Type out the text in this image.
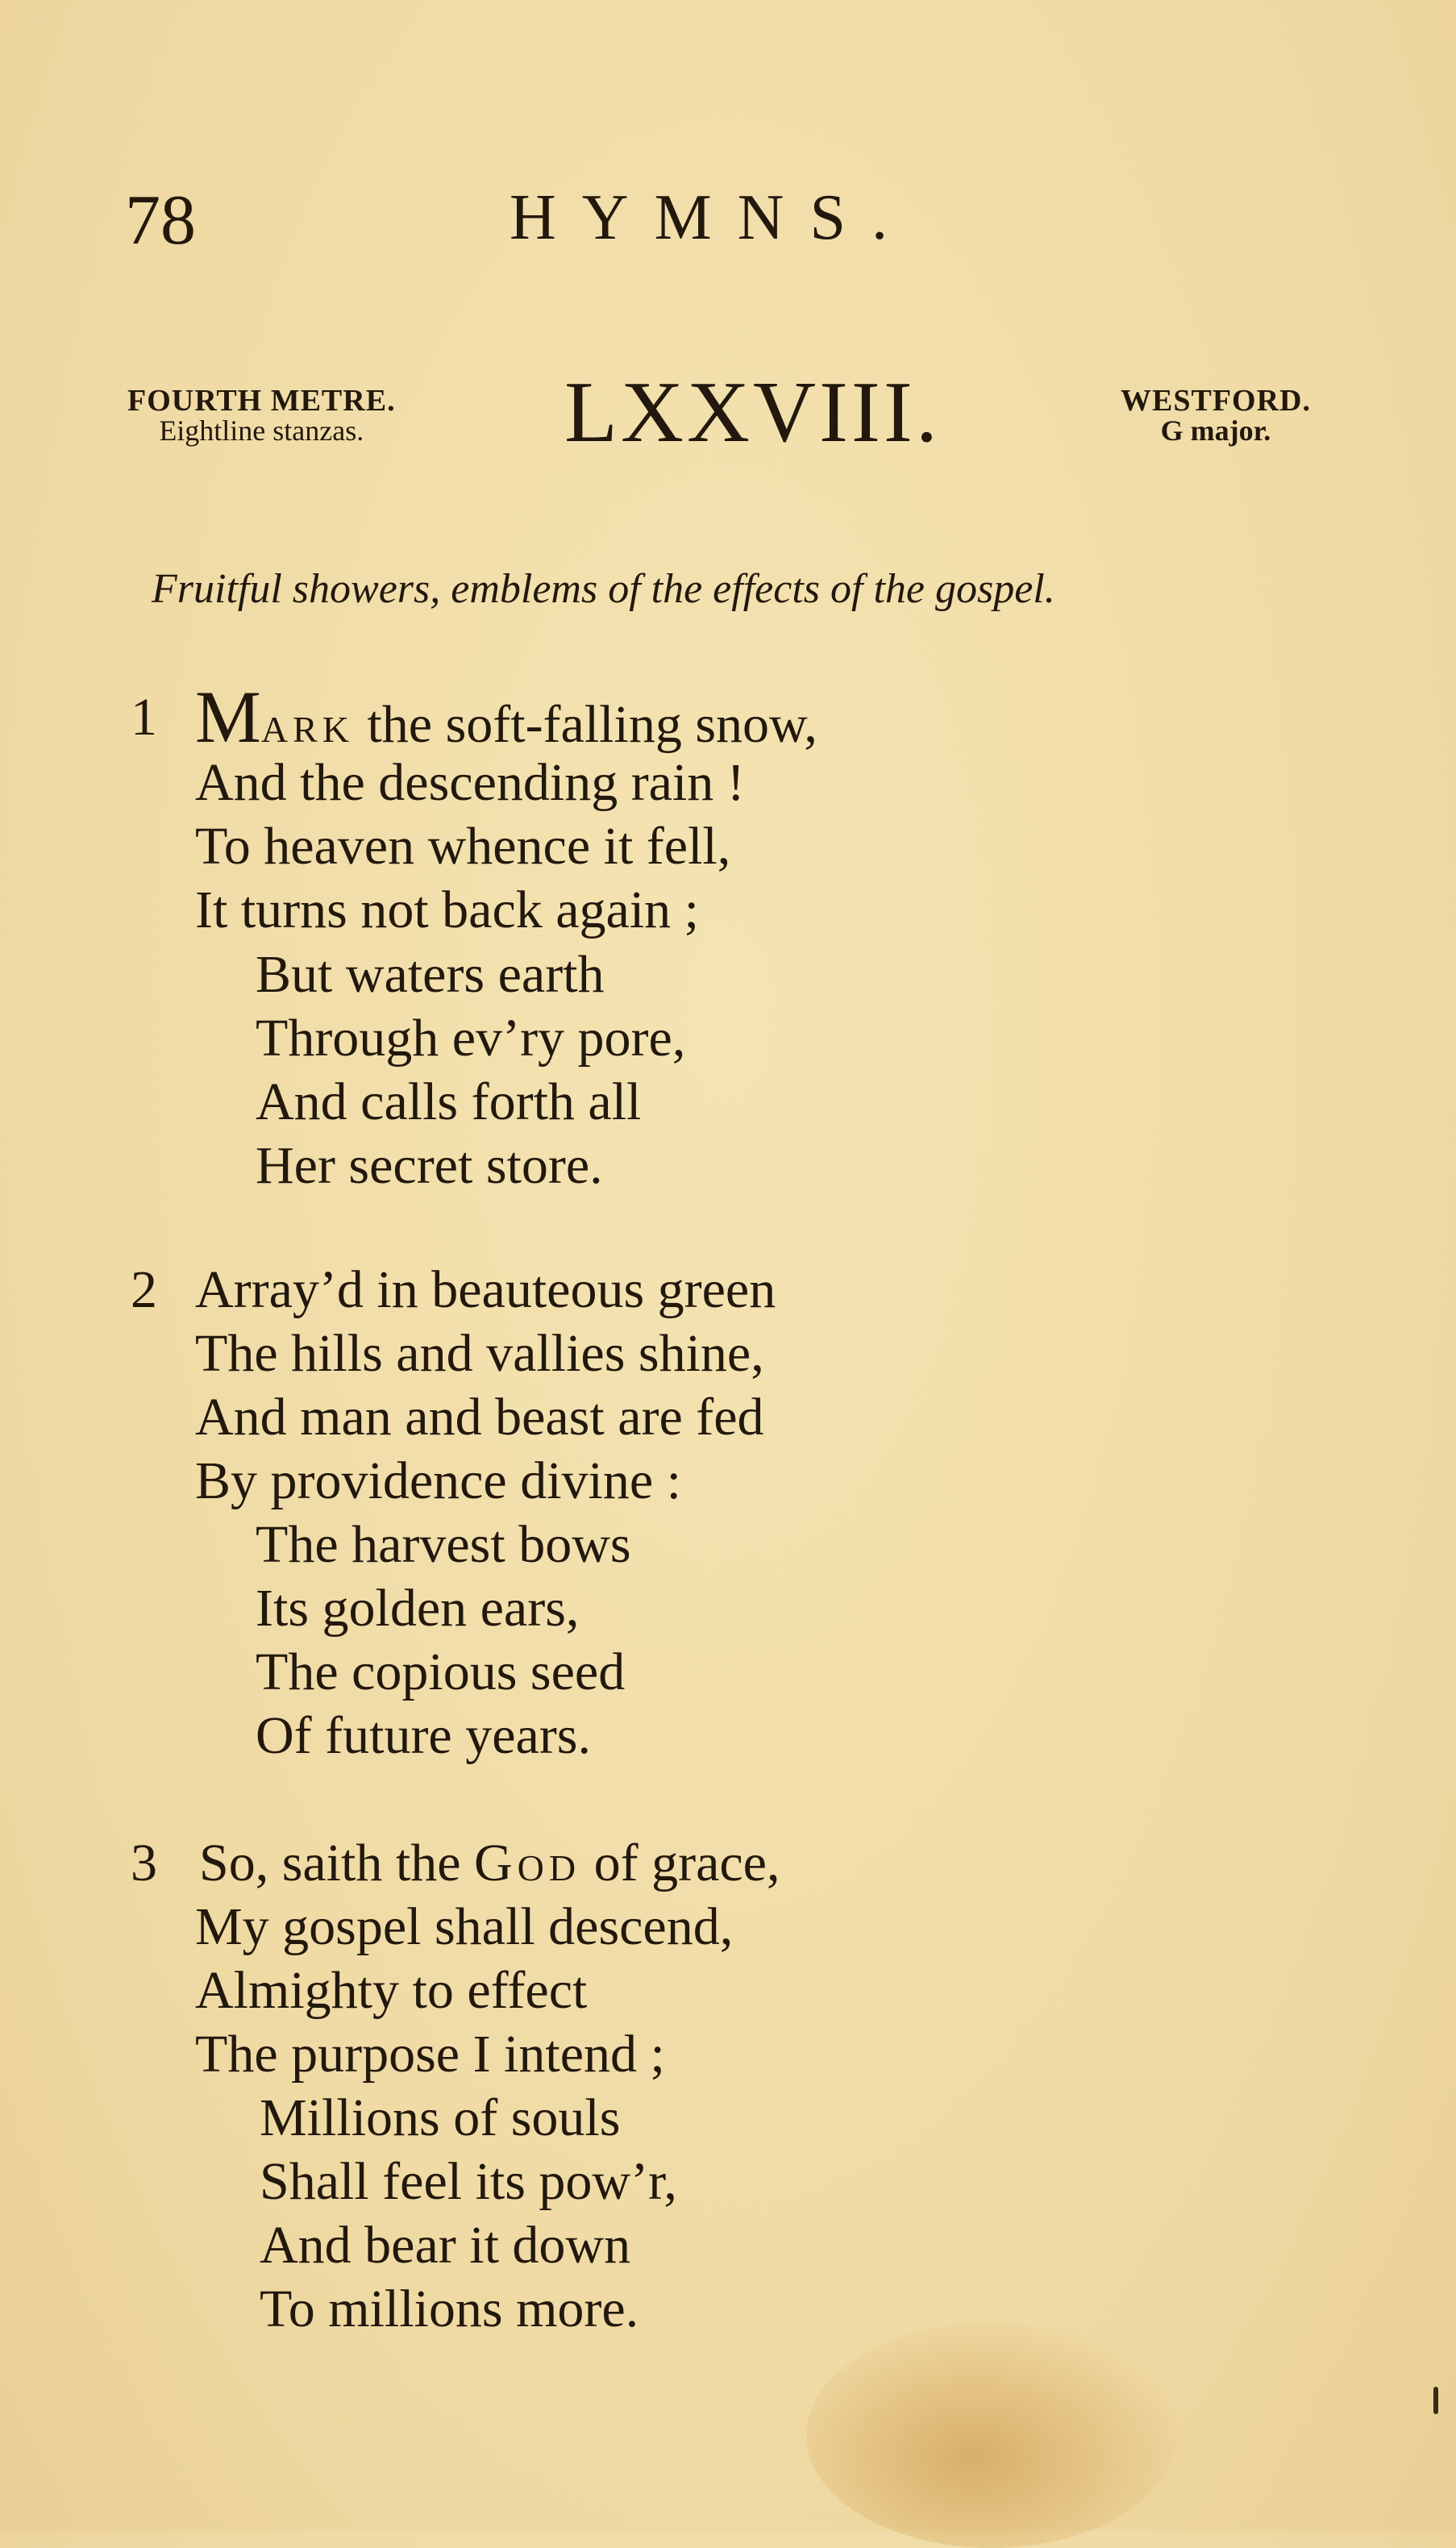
78	HYMNS.
FOURTH METRE.
Eightline stanzas.	LXXVIII.	WESTFORD.
G major.
Fruitful showers, emblems of the effects of the gospel.
1 Mark the soft-falling snow,
And the descending rain !
To heaven whence it fell,
It turns not back again ;
But waters earth
Through ev’ry pore,
And calls forth all
Her secret store.
2 Array’d in beauteous green
The hills and vallies shine,
And man and beast are fed
By providence divine :
The harvest bows
Its golden ears,
The copious seed
Of future years.
3 So, saith the God of grace,
My gospel shall descend,
Almighty to effect
The purpose I intend ;
Millions of souls
Shall feel its pow’r,
And bear it down
To millions more.
